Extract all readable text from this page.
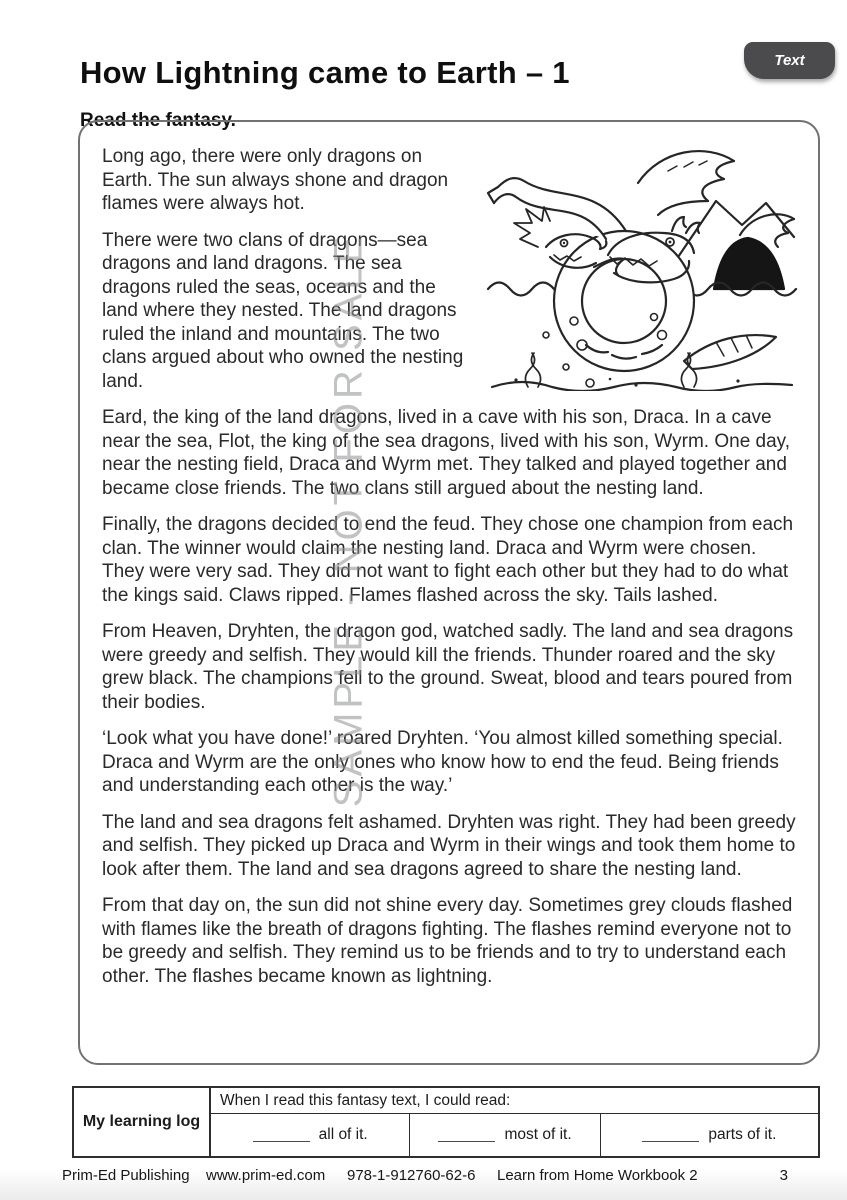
How Lightning came to Earth – 1	Text

Read the fantasy.

Long ago, there were only dragons on Earth. The sun always shone and dragon flames were always hot.

There were two clans of dragons—sea dragons and land dragons. The sea dragons ruled the seas, oceans and the land where they nested. The land dragons ruled the inland and mountains. The two clans argued about who owned the nesting land.

Eard, the king of the land dragons, lived in a cave with his son, Draca. In a cave near the sea, Flot, the king of the sea dragons, lived with his son, Wyrm. One day, near the nesting field, Draca and Wyrm met. They talked and played together and became close friends. The two clans still argued about the nesting land.

Finally, the dragons decided to end the feud. They chose one champion from each clan. The winner would claim the nesting land. Draca and Wyrm were chosen. They were very sad. They did not want to fight each other but they had to do what the kings said. Claws ripped. Flames flashed across the sky. Tails lashed.

From Heaven, Dryhten, the dragon god, watched sadly. The land and sea dragons were greedy and selfish. They would kill the friends. Thunder roared and the sky grew black. The champions fell to the ground. Sweat, blood and tears poured from their bodies.

‘Look what you have done!’ roared Dryhten. ‘You almost killed something special. Draca and Wyrm are the only ones who know how to end the feud. Being friends and understanding each other is the way.’

The land and sea dragons felt ashamed. Dryhten was right. They had been greedy and selfish. They picked up Draca and Wyrm in their wings and took them home to look after them. The land and sea dragons agreed to share the nesting land.

From that day on, the sun did not shine every day. Sometimes grey clouds flashed with flames like the breath of dragons fighting. The flashes remind everyone not to be greedy and selfish. They remind us to be friends and to try to understand each other. The flashes became known as lightning.

SAMPLE - NOT FOR SALE
My learning log
When I read this fantasy text, I could read:
all of it.	most of it.	parts of it.
Prim-Ed Publishing www.prim-ed.com 978-1-912760-62-6 Learn from Home Workbook 2	3
